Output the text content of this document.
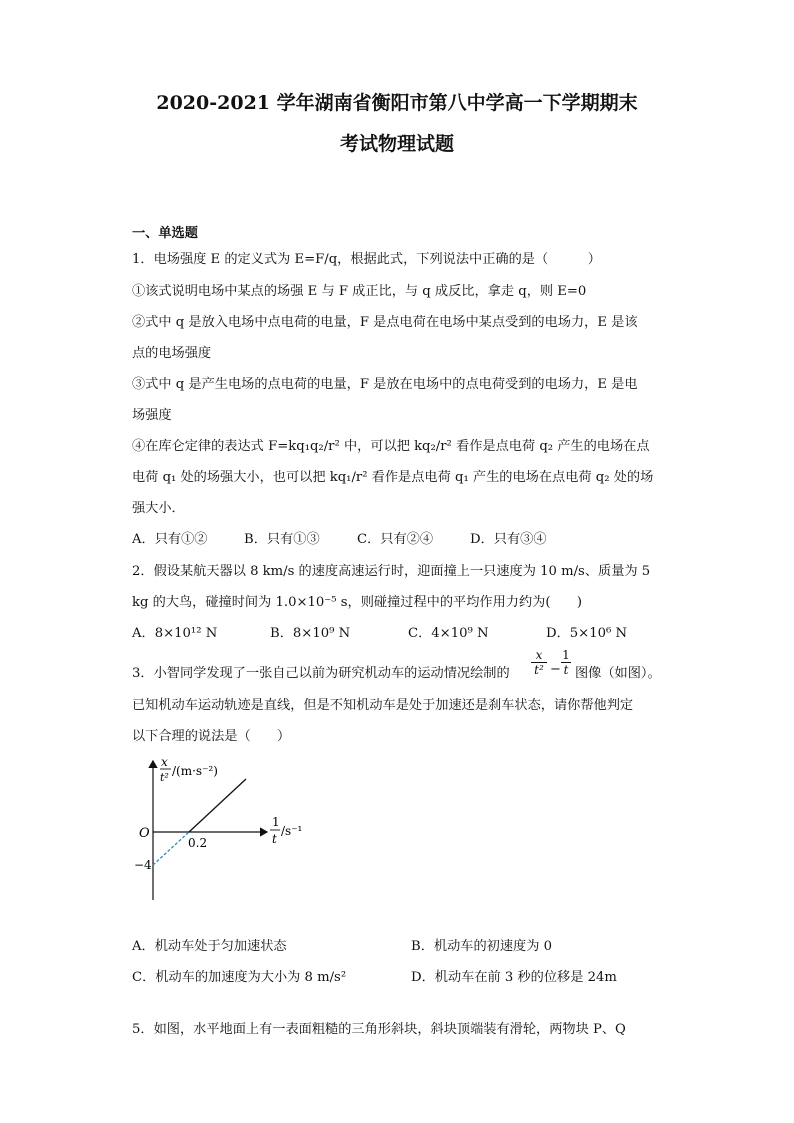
2020-2021 学年湖南省衡阳市第八中学高一下学期期末
考试物理试题
一、单选题
1．电场强度 E 的定义式为 E=F/q，根据此式，下列说法中正确的是（　　　）
①该式说明电场中某点的场强 E 与 F 成正比，与 q 成反比，拿走 q，则 E=0
②式中 q 是放入电场中点电荷的电量，F 是点电荷在电场中某点受到的电场力，E 是该
点的电场强度
③式中 q 是产生电场的点电荷的电量，F 是放在电场中的点电荷受到的电场力，E 是电
场强度
④在库仑定律的表达式 F=kq₁q₂/r² 中，可以把 kq₂/r² 看作是点电荷 q₂ 产生的电场在点
电荷 q₁ 处的场强大小，也可以把 kq₁/r² 看作是点电荷 q₁ 产生的电场在点电荷 q₂ 处的场
强大小．
A．只有①②	B．只有①③	C．只有②④	D．只有③④
2．假设某航天器以 8 km/s 的速度高速运行时，迎面撞上一只速度为 10 m/s、质量为 5
kg 的大鸟，碰撞时间为 1.0×10⁻⁵ s，则碰撞过程中的平均作用力约为(　　)
A．8×10¹² N	B．8×10⁹ N	C．4×10⁹ N	D．5×10⁶ N
3．小智同学发现了一张自己以前为研究机动车的运动情况绘制的 $\frac{x}{\text{t²}} - \frac{1}{t}$ 图像（如图）。
已知机动车运动轨迹是直线，但是不知机动车是处于加速还是刹车状态，请你帮他判定
以下合理的说法是（　　）
x
t² /(m·s⁻²)
1
t
/s⁻¹
O
0.2
−4
A．机动车处于匀加速状态	B．机动车的初速度为 0
C．机动车的加速度为大小为 8 m/s²	D．机动车在前 3 秒的位移是 24m
5．如图，水平地面上有一表面粗糙的三角形斜块，斜块顶端装有滑轮，两物块 P、Q
